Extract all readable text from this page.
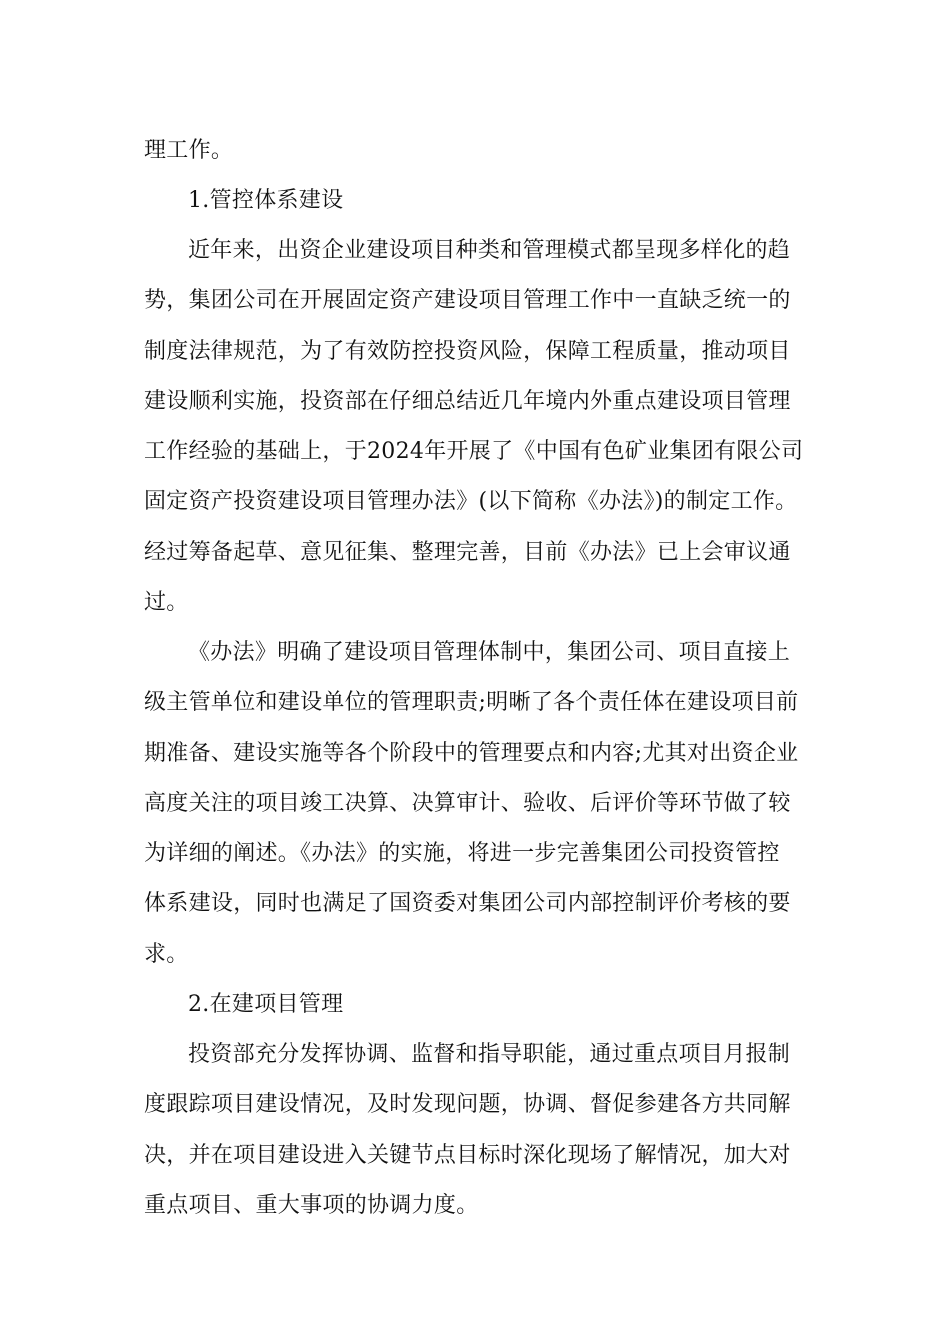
理工作。
1.管控体系建设
近年来，出资企业建设项目种类和管理模式都呈现多样化的趋
势，集团公司在开展固定资产建设项目管理工作中一直缺乏统一的
制度法律规范，为了有效防控投资风险，保障工程质量，推动项目
建设顺利实施，投资部在仔细总结近几年境内外重点建设项目管理
工作经验的基础上，于2024年开展了《中国有色矿业集团有限公司
固定资产投资建设项目管理办法》(以下简称《办法》)的制定工作。
经过筹备起草、意见征集、整理完善，目前《办法》已上会审议通
过。
《办法》明确了建设项目管理体制中，集团公司、项目直接上
级主管单位和建设单位的管理职责;明晰了各个责任体在建设项目前
期准备、建设实施等各个阶段中的管理要点和内容;尤其对出资企业
高度关注的项目竣工决算、决算审计、验收、后评价等环节做了较
为详细的阐述。《办法》的实施，将进一步完善集团公司投资管控
体系建设，同时也满足了国资委对集团公司内部控制评价考核的要
求。
2.在建项目管理
投资部充分发挥协调、监督和指导职能，通过重点项目月报制
度跟踪项目建设情况，及时发现问题，协调、督促参建各方共同解
决，并在项目建设进入关键节点目标时深化现场了解情况，加大对
重点项目、重大事项的协调力度。
